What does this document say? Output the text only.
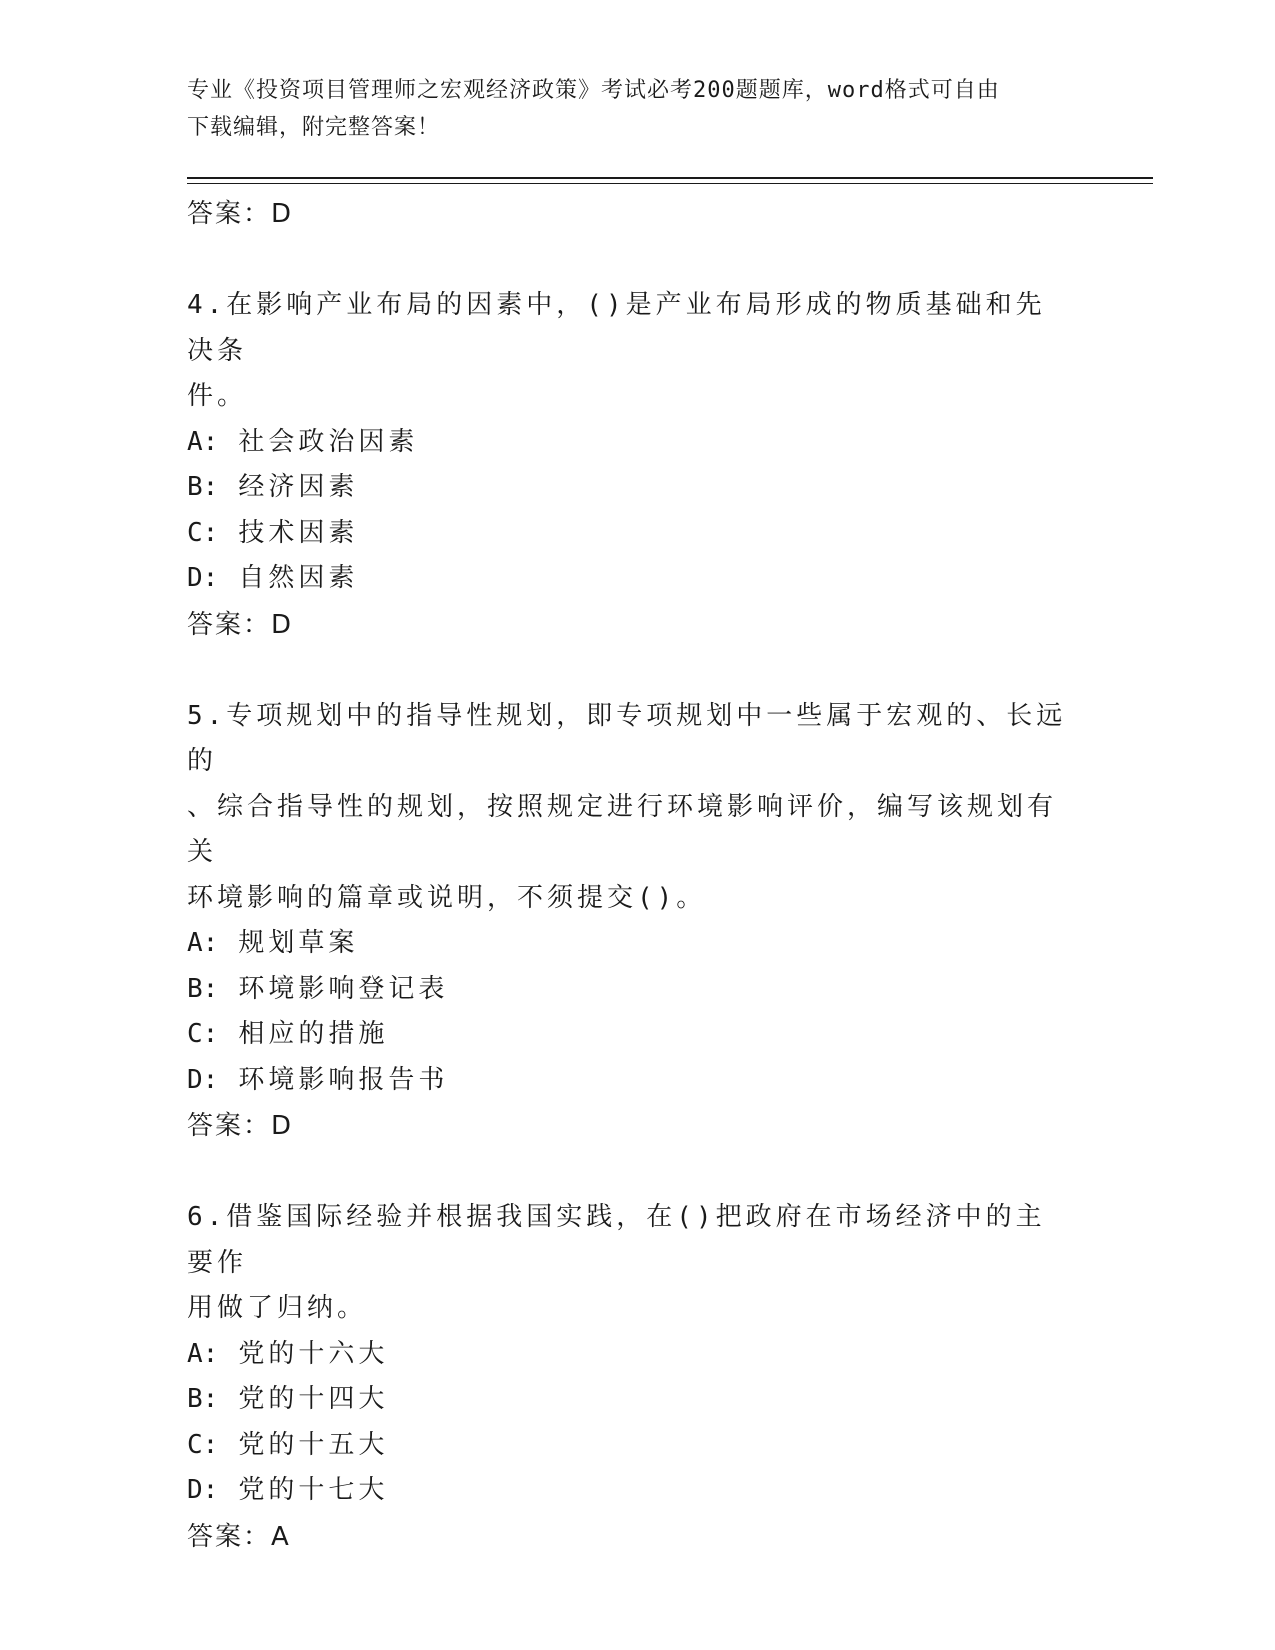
专业《投资项目管理师之宏观经济政策》考试必考200题题库，word格式可自由
下载编辑，附完整答案！
答案：D
4.在影响产业布局的因素中，()是产业布局形成的物质基础和先决条
件。
A: 社会政治因素
B: 经济因素
C: 技术因素
D: 自然因素
答案：D
5.专项规划中的指导性规划，即专项规划中一些属于宏观的、长远的
、综合指导性的规划，按照规定进行环境影响评价，编写该规划有关
环境影响的篇章或说明，不须提交()。
A: 规划草案
B: 环境影响登记表
C: 相应的措施
D: 环境影响报告书
答案：D
6.借鉴国际经验并根据我国实践，在()把政府在市场经济中的主要作
用做了归纳。
A: 党的十六大
B: 党的十四大
C: 党的十五大
D: 党的十七大
答案：A
